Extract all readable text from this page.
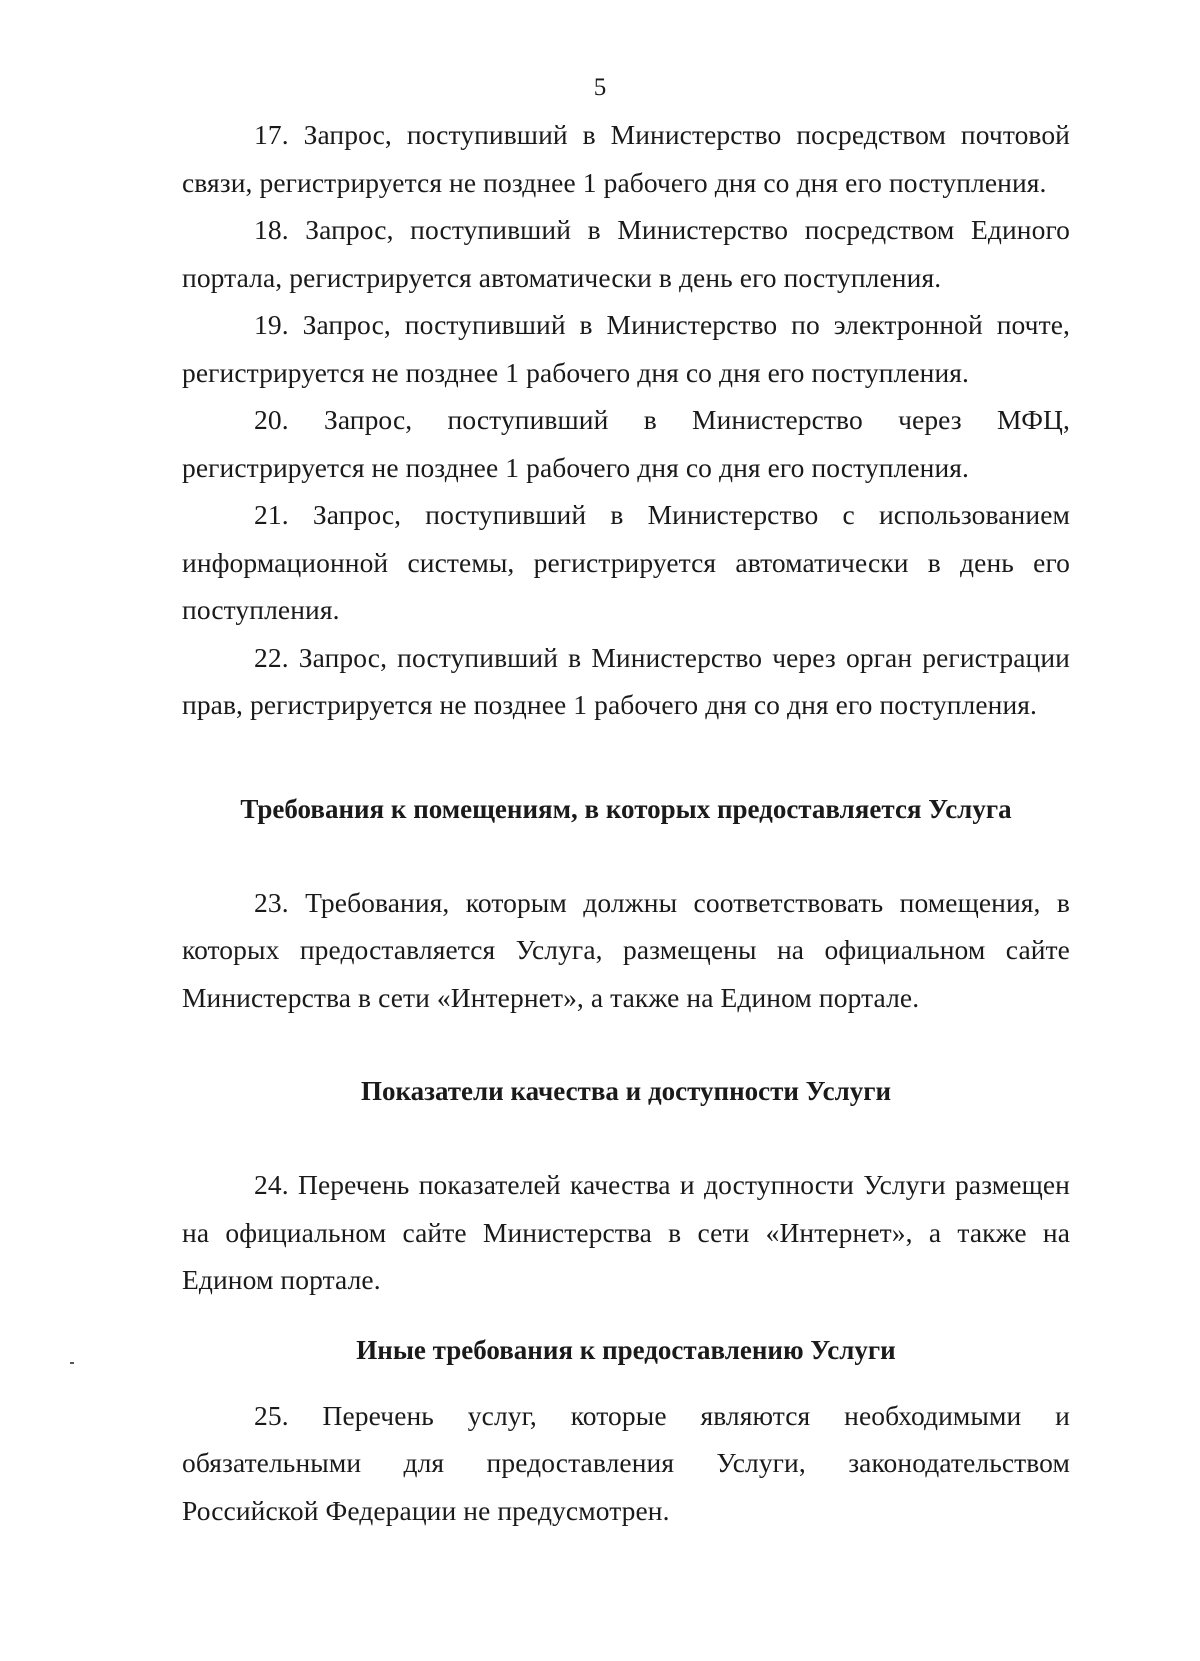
5

17. Запрос, поступивший в Министерство посредством почтовой связи, регистрируется не позднее 1 рабочего дня со дня его поступления.

18. Запрос, поступивший в Министерство посредством Единого портала, регистрируется автоматически в день его поступления.

19. Запрос, поступивший в Министерство по электронной почте, регистрируется не позднее 1 рабочего дня со дня его поступления.

20. Запрос, поступивший в Министерство через МФЦ, регистрируется не позднее 1 рабочего дня со дня его поступления.

21. Запрос, поступивший в Министерство с использованием информационной системы, регистрируется автоматически в день его поступления.

22. Запрос, поступивший в Министерство через орган регистрации прав, регистрируется не позднее 1 рабочего дня со дня его поступления.

Требования к помещениям, в которых предоставляется Услуга

23. Требования, которым должны соответствовать помещения, в которых предоставляется Услуга, размещены на официальном сайте Министерства в сети «Интернет», а также на Едином портале.

Показатели качества и доступности Услуги

24. Перечень показателей качества и доступности Услуги размещен на официальном сайте Министерства в сети «Интернет», а также на Едином портале.

Иные требования к предоставлению Услуги

25. Перечень услуг, которые являются необходимыми и обязательными для предоставления Услуги, законодательством Российской Федерации не предусмотрен.
